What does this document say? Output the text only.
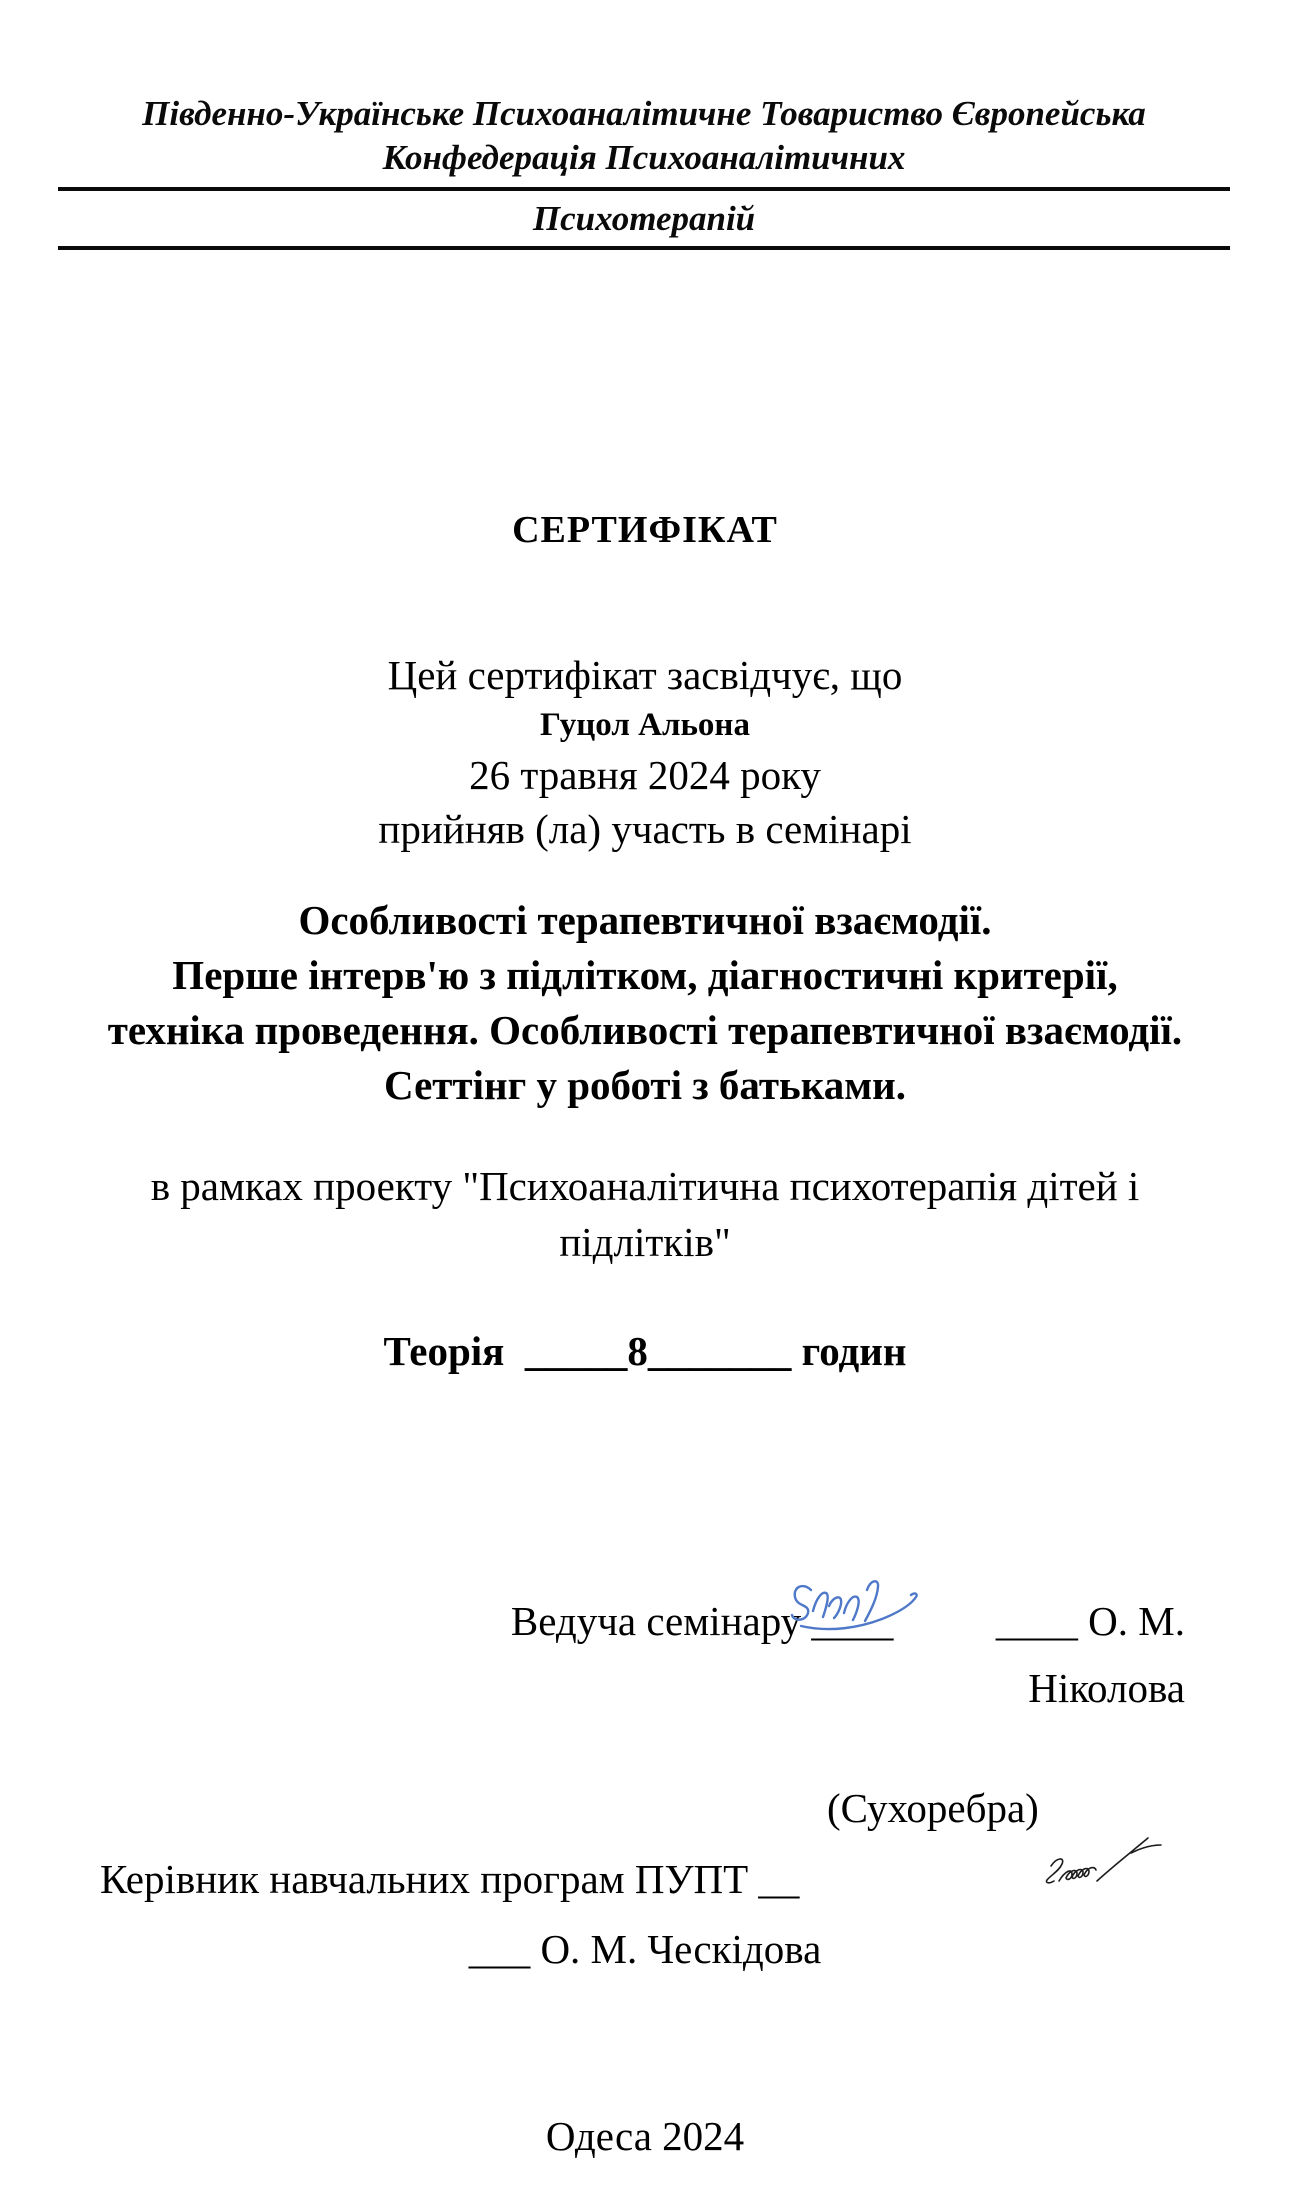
Південно-Українське Психоаналітичне Товариство Європейська
Конфедерація Психоаналітичних
Психотерапій
СЕРТИФІКАТ
Цей сертифікат засвідчує, що
Гуцол Альона
26 травня 2024 року
прийняв (ла) участь в семінарі
Особливості терапевтичної взаємодії.
Перше інтерв'ю з підлітком, діагностичні критерії,
техніка проведення. Особливості терапевтичної взаємодії.
Сеттінг у роботі з батьками.
в рамках проекту "Психоаналітична психотерапія дітей і
підлітків"
Теорія  _____8_______ годин
Ведуча семінару ____          ____ О. М.
Ніколова
(Сухоребра)
Керівник навчальних програм ПУПТ __
___ О. М. Ческідова
Одеса 2024
